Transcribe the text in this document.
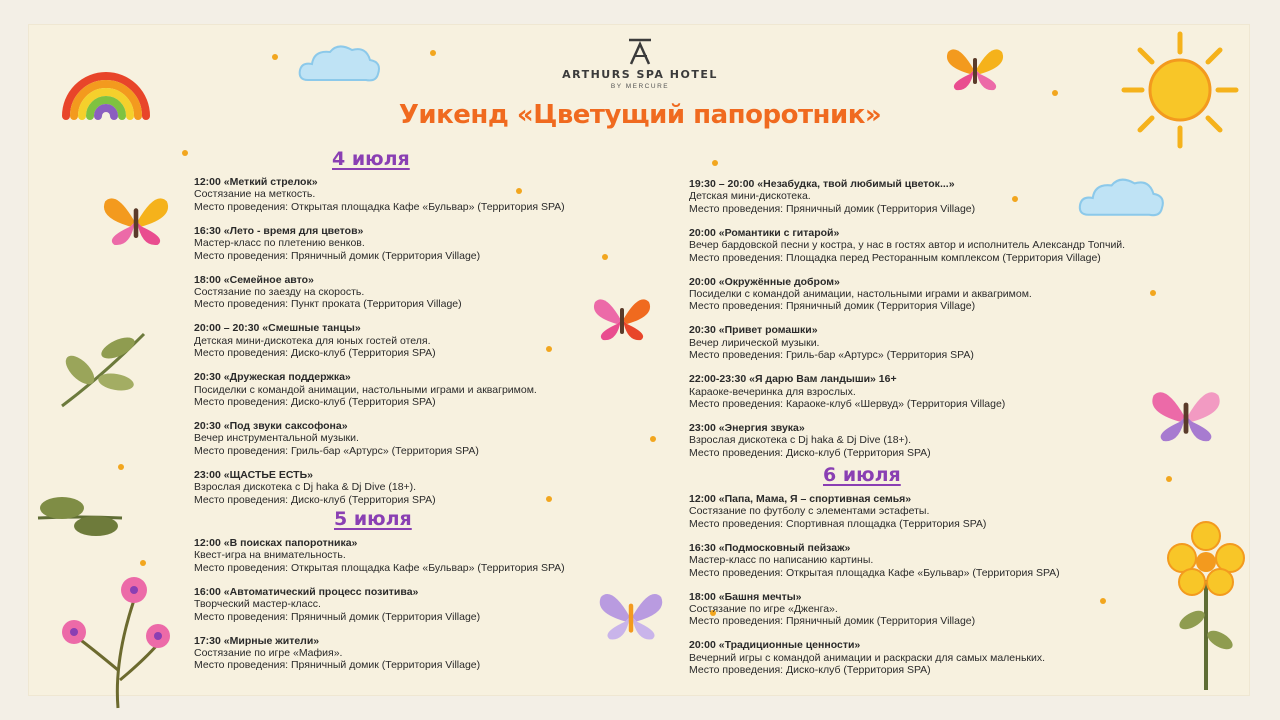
ARTHURS SPA HOTEL
BY MERCURE
Уикенд «Цветущий папоротник»
4 июля
5 июля
6 июля
12:00 «Меткий стрелок»
Состязание на меткость.
Место проведения: Открытая площадка Кафе «Бульвар» (Территория SPA)
16:30 «Лето - время для цветов»
Мастер-класс по плетению венков.
Место проведения: Пряничный домик (Территория Village)
18:00 «Семейное авто»
Состязание по заезду на скорость.
Место проведения: Пункт проката (Территория Village)
20:00 – 20:30 «Смешные танцы»
Детская мини-дискотека для юных гостей отеля.
Место проведения: Диско-клуб (Территория SPA)
20:30 «Дружеская поддержка»
Посиделки с командой анимации, настольными играми и аквагримом.
Место проведения: Диско-клуб (Территория SPA)
20:30 «Под звуки саксофона»
Вечер инструментальной музыки.
Место проведения: Гриль-бар «Артурс» (Территория SPA)
23:00 «ЩАСТЬЕ ЕСТЬ»
Взрослая дискотека с Dj haka & Dj Dive (18+).
Место проведения: Диско-клуб (Территория SPA)
12:00 «В поисках папоротника»
Квест-игра на внимательность.
Место проведения: Открытая площадка Кафе «Бульвар» (Территория SPA)
16:00 «Автоматический процесс позитива»
Творческий мастер-класс.
Место проведения: Пряничный домик (Территория Village)
17:30 «Мирные жители»
Состязание по игре «Мафия».
Место проведения: Пряничный домик (Территория Village)
19:30 – 20:00 «Незабудка, твой любимый цветок...»
Детская мини-дискотека.
Место проведения: Пряничный домик (Территория Village)
20:00 «Романтики с гитарой»
Вечер бардовской песни у костра, у нас в гостях автор и исполнитель Александр Топчий.
Место проведения: Площадка перед Ресторанным комплексом (Территория Village)
20:00 «Окружённые добром»
Посиделки с командой анимации, настольными играми и аквагримом.
Место проведения: Пряничный домик (Территория Village)
20:30 «Привет ромашки»
Вечер лирической музыки.
Место проведения: Гриль-бар «Артурс» (Территория SPA)
22:00-23:30 «Я дарю Вам ландыши» 16+
Караоке-вечеринка для взрослых.
Место проведения: Караоке-клуб «Шервуд» (Территория Village)
23:00 «Энергия звука»
Взрослая дискотека с Dj haka & Dj Dive (18+).
Место проведения: Диско-клуб (Территория SPA)
12:00 «Папа, Мама, Я – спортивная семья»
Состязание по футболу с элементами эстафеты.
Место проведения: Спортивная площадка (Территория SPA)
16:30 «Подмосковный пейзаж»
Мастер-класс по написанию картины.
Место проведения: Открытая площадка Кафе «Бульвар» (Территория SPA)
18:00 «Башня мечты»
Состязание по игре «Дженга».
Место проведения: Пряничный домик (Территория Village)
20:00 «Традиционные ценности»
Вечерний игры с командой анимации и раскраски для самых маленьких.
Место проведения: Диско-клуб (Территория SPA)
